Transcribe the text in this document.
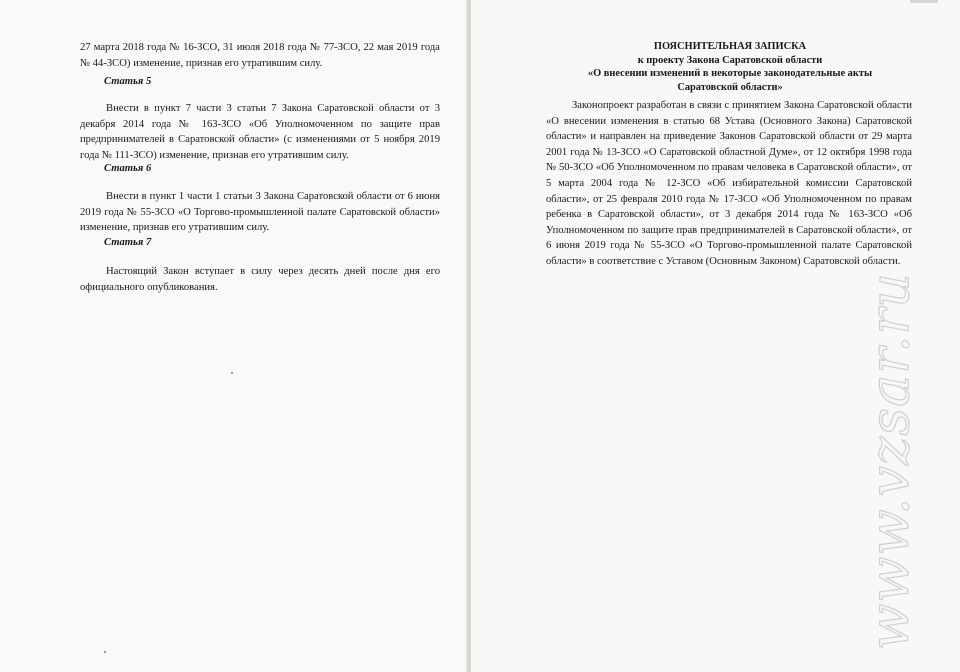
27 марта 2018 года № 16-ЗСО, 31 июля 2018 года № 77-ЗСО, 22 мая 2019 года № 44-ЗСО) изменение, признав его утратившим силу.

Статья 5

Внести в пункт 7 части 3 статьи 7 Закона Саратовской области от 3 декабря 2014 года № 163-ЗСО «Об Уполномоченном по защите прав предпринимателей в Саратовской области» (с изменениями от 5 ноября 2019 года № 111-ЗСО) изменение, признав его утратившим силу.

Статья 6

Внести в пункт 1 части 1 статьи 3 Закона Саратовской области от 6 июня 2019 года № 55-ЗСО «О Торгово-промышленной палате Саратовской области» изменение, признав его утратившим силу.

Статья 7

Настоящий Закон вступает в силу через десять дней после дня его официального опубликования.

ПОЯСНИТЕЛЬНАЯ ЗАПИСКА
к проекту Закона Саратовской области
«О внесении изменений в некоторые законодательные акты
Саратовской области»

Законопроект разработан в связи с принятием Закона Саратовской области «О внесении изменения в статью 68 Устава (Основного Закона) Саратовской области» и направлен на приведение Законов Саратовской области от 29 марта 2001 года № 13-ЗСО «О Саратовской областной Думе», от 12 октября 1998 года № 50-ЗСО «Об Уполномоченном по правам человека в Саратовской области», от 5 марта 2004 года № 12-ЗСО «Об избирательной комиссии Саратовской области», от 25 февраля 2010 года № 17-ЗСО «Об Уполномоченном по правам ребенка в Саратовской области», от 3 декабря 2014 года № 163-ЗСО «Об Уполномоченном по защите прав предпринимателей в Саратовской области», от 6 июня 2019 года № 55-ЗСО «О Торгово-промышленной палате Саратовской области» в соответствие с Уставом (Основным Законом) Саратовской области.

www.vzsar.ru
